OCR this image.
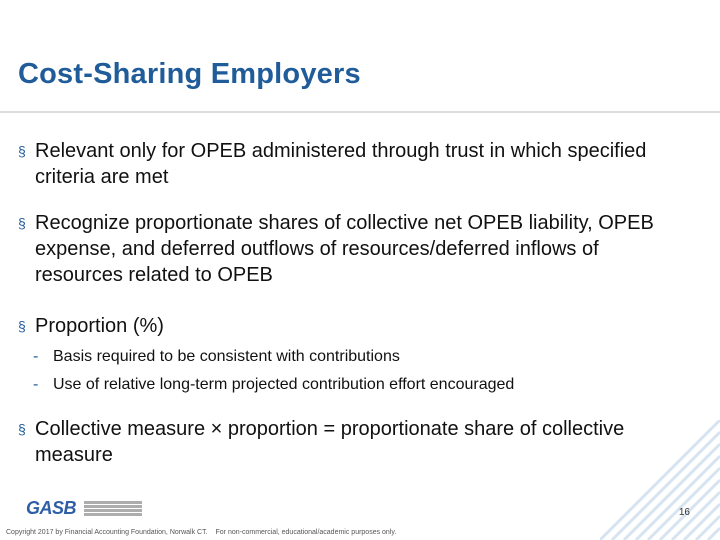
Cost-Sharing Employers
§ Relevant only for OPEB administered through trust in which specified criteria are met
§ Recognize proportionate shares of collective net OPEB liability, OPEB expense, and deferred outflows of resources/deferred inflows of resources related to OPEB
§ Proportion (%)
- Basis required to be consistent with contributions
- Use of relative long-term projected contribution effort encouraged
§ Collective measure × proportion = proportionate share of collective measure
GASB	16
Copyright 2017 by Financial Accounting Foundation, Norwalk CT. For non-commercial, educational/academic purposes only.
